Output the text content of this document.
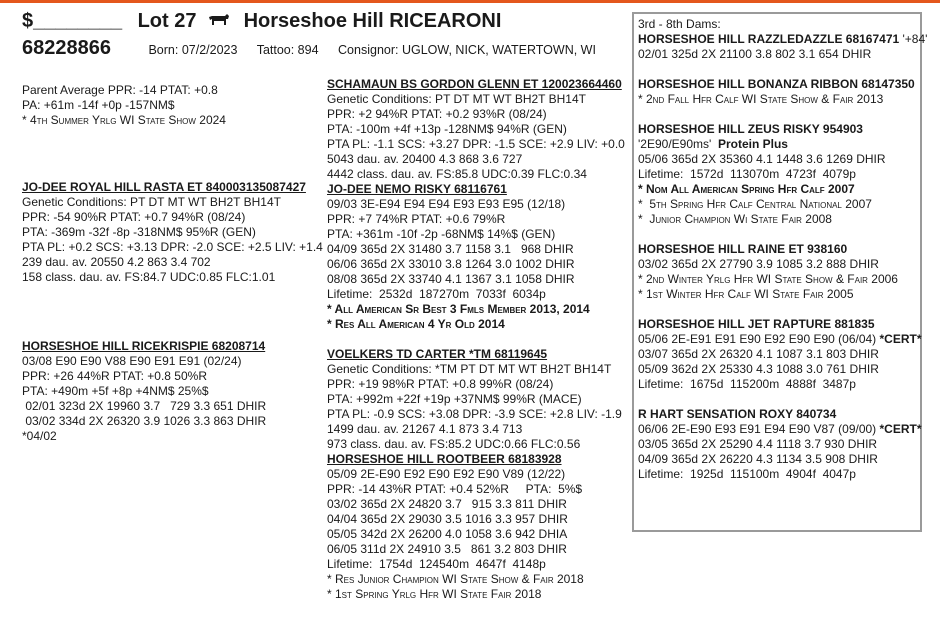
$________ Lot 27 Horseshoe Hill RICEARONI
68228866	Born: 07/2/2023 Tattoo: 894 Consignor: UGLOW, NICK, WATERTOWN, WI
Parent Average PPR: -14 PTAT: +0.8
PA: +61m -14f +0p -157NM$
* 4th Summer Yrlg WI State Show 2024
JO-DEE ROYAL HILL RASTA ET 840003135087427
Genetic Conditions: PT DT MT WT BH2T BH14T
PPR: -54 90%R PTAT: +0.7 94%R (08/24)
PTA: -369m -32f -8p -318NM$ 95%R (GEN)
PTA PL: +0.2 SCS: +3.13 DPR: -2.0 SCE: +2.5 LIV: +1.4
239 dau. av. 20550 4.2 863 3.4 702
158 class. dau. av. FS:84.7 UDC:0.85 FLC:1.01
HORSESHOE HILL RICEKRISPIE 68208714
03/08 E90 E90 V88 E90 E91 E91 (02/24)
PPR: +26 44%R PTAT: +0.8 50%R
PTA: +490m +5f +8p +4NM$ 25%$
02/01 323d 2X 19960 3.7   729 3.3 651 DHIR
03/02 334d 2X 26320 3.9 1026 3.3 863 DHIR
*04/02
SCHAMAUN BS GORDON GLENN ET 120023664460
Genetic Conditions: PT DT MT WT BH2T BH14T
PPR: +2 94%R PTAT: +0.2 93%R (08/24)
PTA: -100m +4f +13p -128NM$ 94%R (GEN)
PTA PL: -1.1 SCS: +3.27 DPR: -1.5 SCE: +2.9 LIV: +0.0
5043 dau. av. 20400 4.3 868 3.6 727
4442 class. dau. av. FS:85.8 UDC:0.39 FLC:0.34
JO-DEE NEMO RISKY 68116761
09/03 3E-E94 E94 E94 E93 E93 E95 (12/18)
PPR: +7 74%R PTAT: +0.6 79%R
PTA: +361m -10f -2p -68NM$ 14%$ (GEN)
04/09 365d 2X 31480 3.7 1158 3.1   968 DHIR
06/06 365d 2X 33010 3.8 1264 3.0 1002 DHIR
08/08 365d 2X 33740 4.1 1367 3.1 1058 DHIR
Lifetime:  2532d  187270m  7033f  6034p
* All American Sr Best 3 Fmls Member 2013, 2014
* Res All American 4 Yr Old 2014
VOELKERS TD CARTER *TM 68119645
Genetic Conditions: *TM PT DT MT WT BH2T BH14T
PPR: +19 98%R PTAT: +0.8 99%R (08/24)
PTA: +992m +22f +19p +37NM$ 99%R (MACE)
PTA PL: -0.9 SCS: +3.08 DPR: -3.9 SCE: +2.8 LIV: -1.9
1499 dau. av. 21267 4.1 873 3.4 713
973 class. dau. av. FS:85.2 UDC:0.66 FLC:0.56
HORSESHOE HILL ROOTBEER 68183928
05/09 2E-E90 E92 E90 E92 E90 V89 (12/22)
PPR: -14 43%R PTAT: +0.4 52%R     PTA:  5%$
03/02 365d 2X 24820 3.7   915 3.3 811 DHIR
04/04 365d 2X 29030 3.5 1016 3.3 957 DHIR
05/05 342d 2X 26200 4.0 1058 3.6 942 DHIA
06/05 311d 2X 24910 3.5   861 3.2 803 DHIR
Lifetime:  1754d  124540m  4647f  4148p
* Res Junior Champion WI State Show & Fair 2018
* 1st Spring Yrlg Hfr WI State Fair 2018
3rd - 8th Dams:
HORSESHOE HILL RAZZLEDAZZLE 68167471 '+84'
02/01 325d 2X 21100 3.8 802 3.1 654 DHIR
HORSESHOE HILL BONANZA RIBBON 68147350
* 2nd Fall Hfr Calf WI State Show & Fair 2013
HORSESHOE HILL ZEUS RISKY 954903
'2E90/E90ms' Protein Plus
05/06 365d 2X 35360 4.1 1448 3.6 1269 DHIR
Lifetime:  1572d  113070m  4723f  4079p
* Nom All American Spring Hfr Calf 2007
*  5th Spring Hfr Calf Central National 2007
*  Junior Champion Wi State Fair 2008
HORSESHOE HILL RAINE ET 938160
03/02 365d 2X 27790 3.9 1085 3.2 888 DHIR
* 2nd Winter Yrlg Hfr WI State Show & Fair 2006
* 1st Winter Hfr Calf WI State Fair 2005
HORSESHOE HILL JET RAPTURE 881835
05/06 2E-E91 E91 E90 E92 E90 E90 (06/04) *CERT*
03/07 365d 2X 26320 4.1 1087 3.1 803 DHIR
05/09 362d 2X 25330 4.3 1088 3.0 761 DHIR
Lifetime:  1675d  115200m  4888f  3487p
R HART SENSATION ROXY 840734
06/06 2E-E90 E93 E91 E94 E90 V87 (09/00) *CERT*
03/05 365d 2X 25290 4.4 1118 3.7 930 DHIR
04/09 365d 2X 26220 4.3 1134 3.5 908 DHIR
Lifetime:  1925d  115100m  4904f  4047p
